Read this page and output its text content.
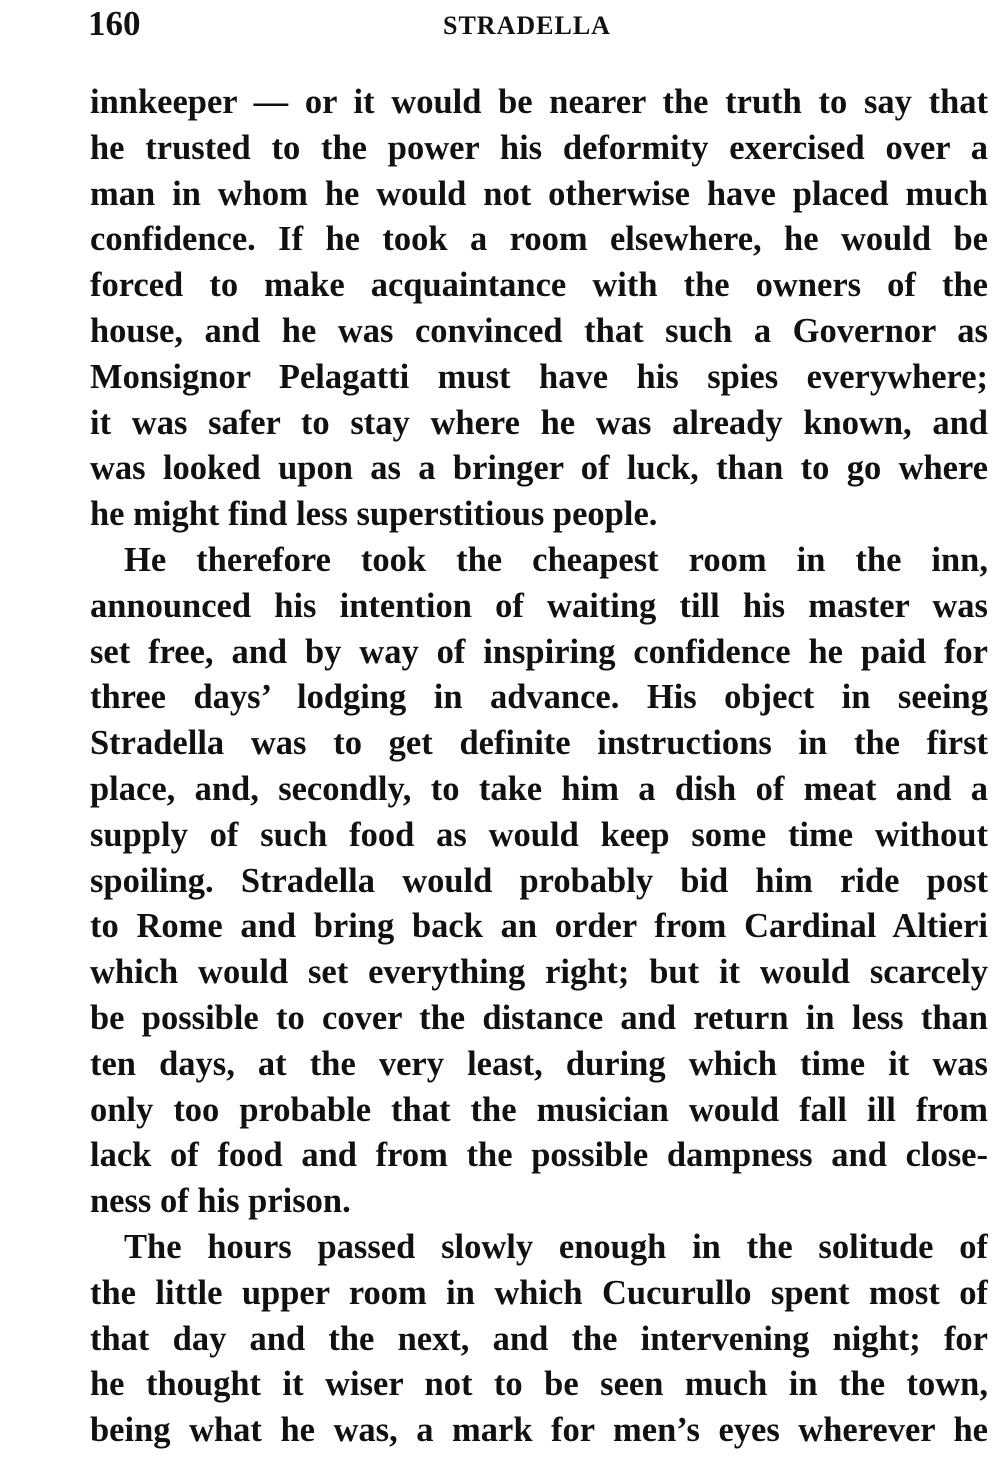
160	STRADELLA
innkeeper — or it would be nearer the truth to say that
he trusted to the power his deformity exercised over a
man in whom he would not otherwise have placed much
confidence. If he took a room elsewhere, he would be
forced to make acquaintance with the owners of the
house, and he was convinced that such a Governor as
Monsignor Pelagatti must have his spies everywhere;
it was safer to stay where he was already known, and
was looked upon as a bringer of luck, than to go where
he might find less superstitious people.
He therefore took the cheapest room in the inn,
announced his intention of waiting till his master was
set free, and by way of inspiring confidence he paid for
three days’ lodging in advance. His object in seeing
Stradella was to get definite instructions in the first
place, and, secondly, to take him a dish of meat and a
supply of such food as would keep some time without
spoiling. Stradella would probably bid him ride post
to Rome and bring back an order from Cardinal Altieri
which would set everything right; but it would scarcely
be possible to cover the distance and return in less than
ten days, at the very least, during which time it was
only too probable that the musician would fall ill from
lack of food and from the possible dampness and close-
ness of his prison.
The hours passed slowly enough in the solitude of
the little upper room in which Cucurullo spent most of
that day and the next, and the intervening night; for
he thought it wiser not to be seen much in the town,
being what he was, a mark for men’s eyes wherever he
